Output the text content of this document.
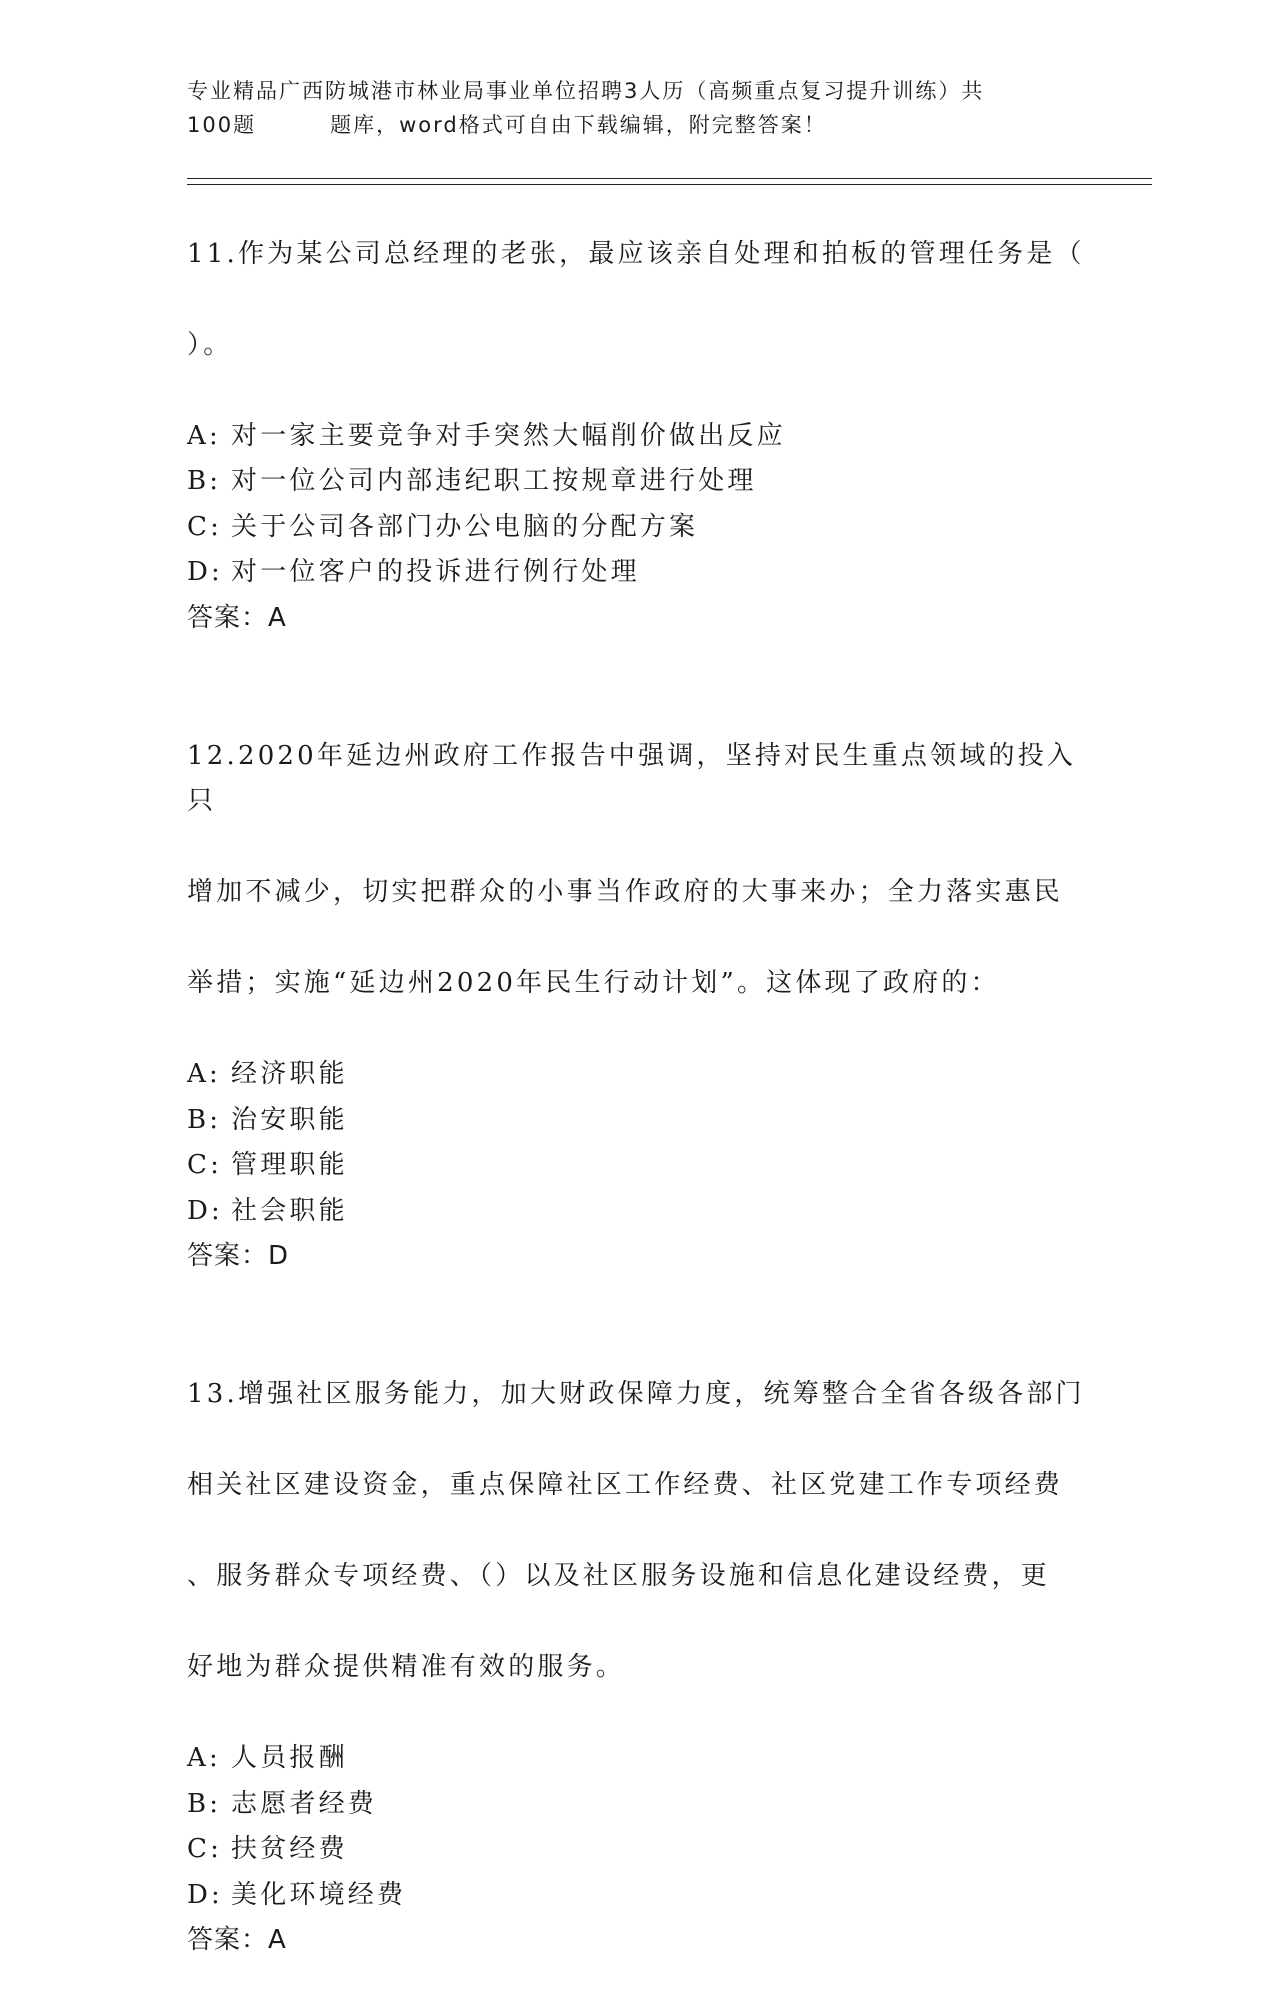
专业精品广西防城港市林业局事业单位招聘3人历（高频重点复习提升训练）共
100题	题库，word格式可自由下载编辑，附完整答案！

11.作为某公司总经理的老张，最应该亲自处理和拍板的管理任务是（

）。

A: 对一家主要竞争对手突然大幅削价做出反应

B: 对一位公司内部违纪职工按规章进行处理

C: 关于公司各部门办公电脑的分配方案

D: 对一位客户的投诉进行例行处理

答案：A

12.2020年延边州政府工作报告中强调，坚持对民生重点领域的投入只

增加不减少，切实把群众的小事当作政府的大事来办；全力落实惠民

举措；实施“延边州2020年民生行动计划”。这体现了政府的：

A: 经济职能

B: 治安职能

C: 管理职能

D: 社会职能

答案：D

13.增强社区服务能力，加大财政保障力度，统筹整合全省各级各部门

相关社区建设资金，重点保障社区工作经费、社区党建工作专项经费

、服务群众专项经费、（）以及社区服务设施和信息化建设经费，更

好地为群众提供精准有效的服务。

A: 人员报酬

B: 志愿者经费

C: 扶贫经费

D: 美化环境经费

答案：A
